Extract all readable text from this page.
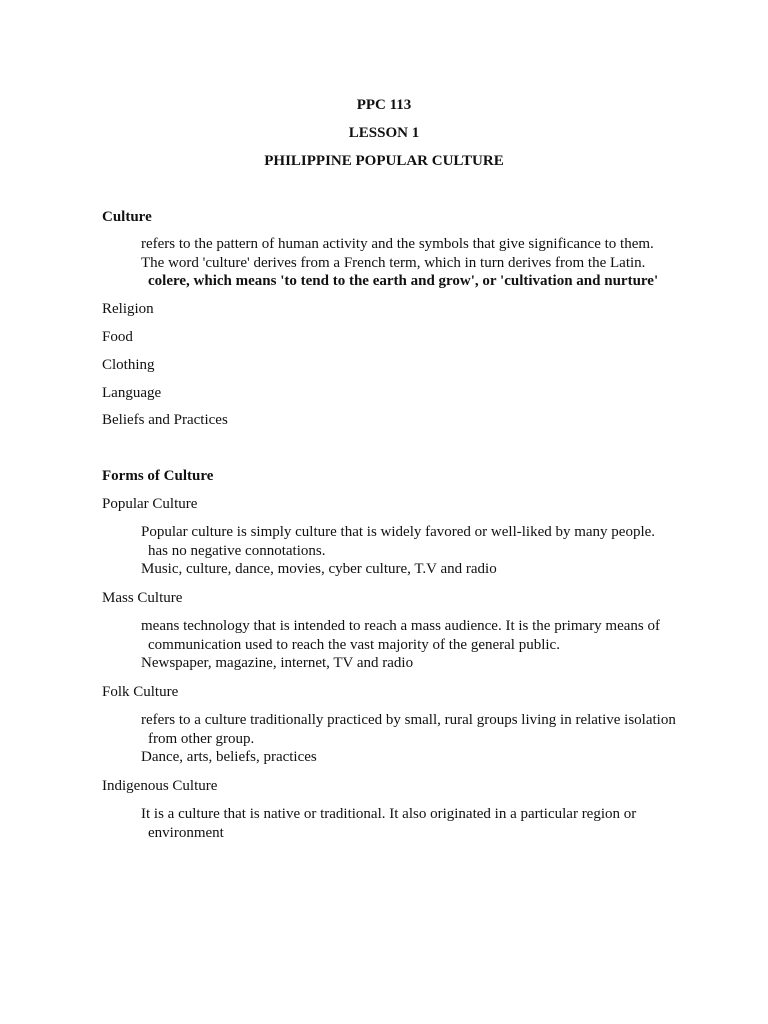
PPC 113
LESSON 1
PHILIPPINE POPULAR CULTURE
Culture
refers to the pattern of human activity and the symbols that give significance to them.
The word 'culture' derives from a French term, which in turn derives from the Latin.
colere, which means 'to tend to the earth and grow', or 'cultivation and nurture'
Religion
Food
Clothing
Language
Beliefs and Practices
Forms of Culture
Popular Culture
Popular culture is simply culture that is widely favored or well-liked by many people.
has no negative connotations.
Music, culture, dance, movies, cyber culture, T.V and radio
Mass Culture
means technology that is intended to reach a mass audience. It is the primary means of
communication used to reach the vast majority of the general public.
Newspaper, magazine, internet, TV and radio
Folk Culture
refers to a culture traditionally practiced by small, rural groups living in relative isolation
from other group.
Dance, arts, beliefs, practices
Indigenous Culture
It is a culture that is native or traditional. It also originated in a particular region or
environment
